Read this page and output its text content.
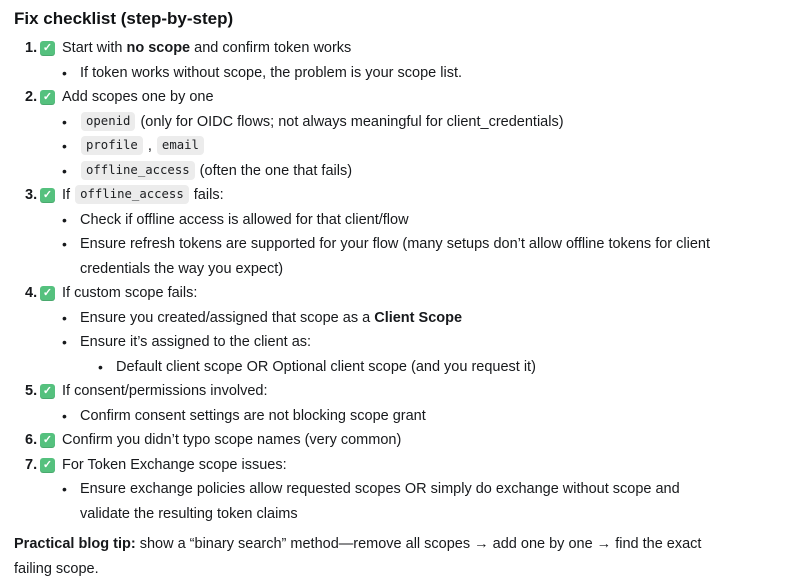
Fix checklist (step-by-step)
1. ✓ Start with no scope and confirm token works
• If token works without scope, the problem is your scope list.
2. ✓ Add scopes one by one
•	openid (only for OIDC flows; not always meaningful for client_credentials)
•	profile , email
•	offline_access (often the one that fails)
3. ✓ If offline_access fails:
• Check if offline access is allowed for that client/flow
• Ensure refresh tokens are supported for your flow (many setups don’t allow offline tokens for client credentials the way you expect)
4. ✓ If custom scope fails:
• Ensure you created/assigned that scope as a Client Scope
• Ensure it’s assigned to the client as:
• Default client scope OR Optional client scope (and you request it)
5. ✓ If consent/permissions involved:
• Confirm consent settings are not blocking scope grant
6. ✓ Confirm you didn’t typo scope names (very common)
7. ✓ For Token Exchange scope issues:
• Ensure exchange policies allow requested scopes OR simply do exchange without scope and validate the resulting token claims
Practical blog tip: show a “binary search” method—remove all scopes → add one by one → find the exact failing scope.
